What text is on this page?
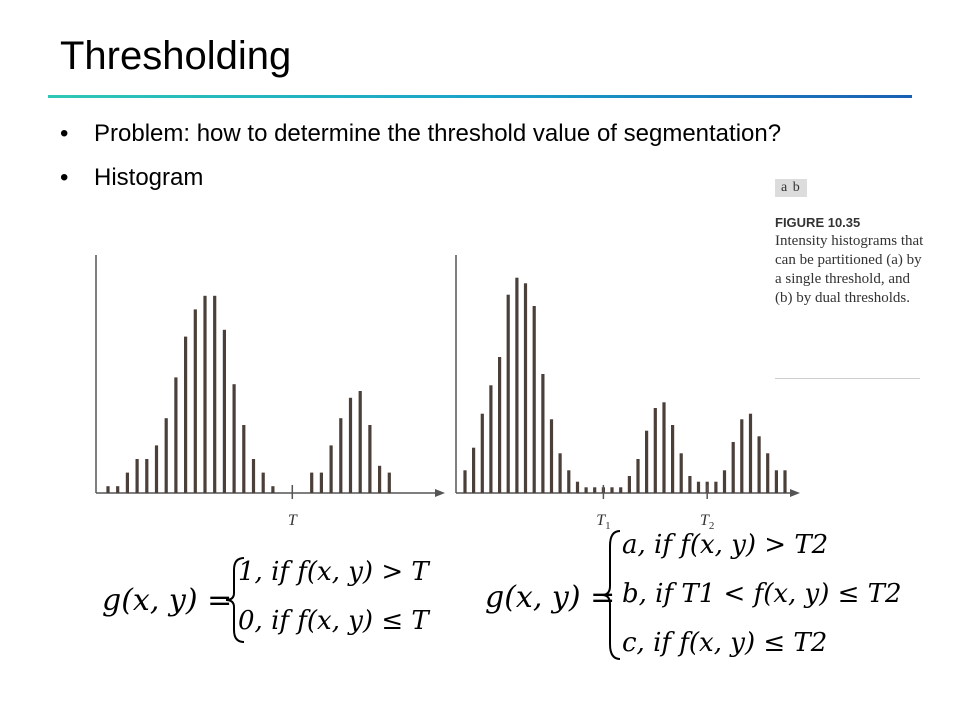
Thresholding
• Problem: how to determine the threshold value of segmentation?
• Histogram
T	$T_1$	$T_2$
a b
FIGURE 10.35
Intensity histograms that can be partitioned (a) by a single threshold, and (b) by dual thresholds.
g(x, y) =
1, if f(x, y) > T
0, if f(x, y) ≤ T
g(x, y) =
a, if f(x, y) > T2
b, if T1 < f(x, y) ≤ T2
c, if f(x, y) ≤ T2
